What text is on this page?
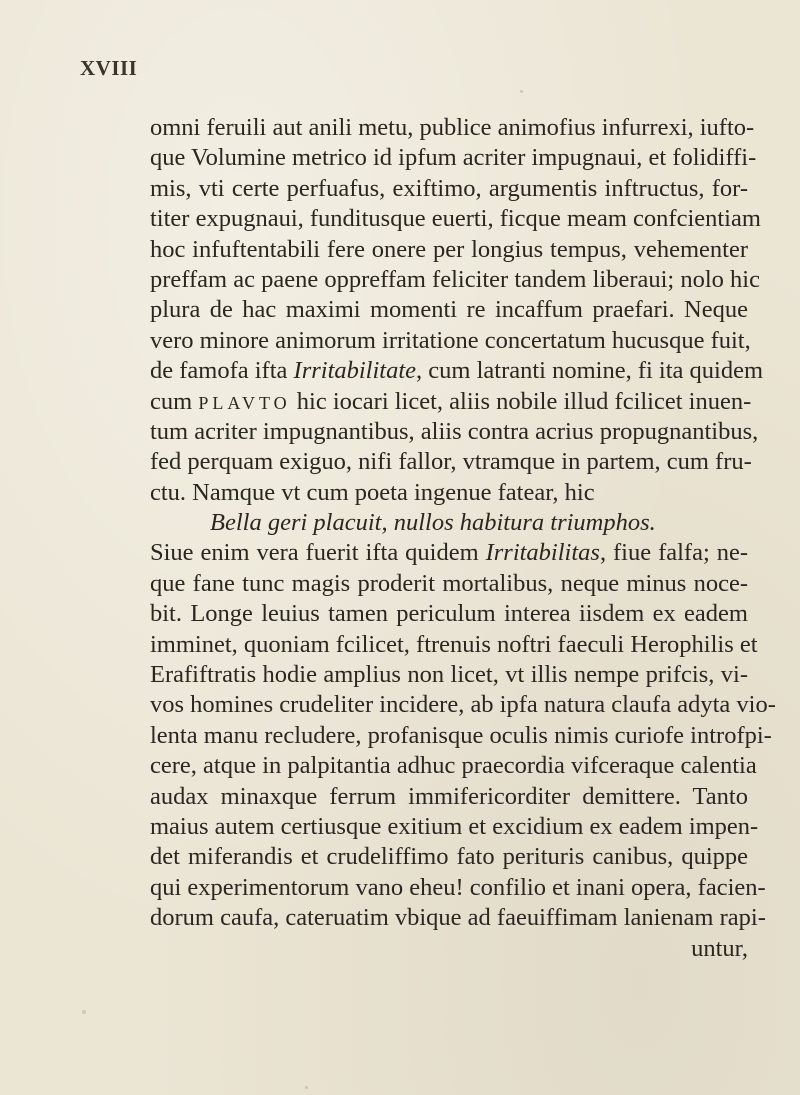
XVIII
omni feruili aut anili metu, publice animofius infurrexi, iufto-
que Volumine metrico id ipfum acriter impugnaui, et folidiffi-
mis, vti certe perfuafus, exiftimo, argumentis inftructus, for-
titer expugnaui, funditusque euerti, ficque meam confcientiam
hoc infuftentabili fere onere per longius tempus, vehementer
preffam ac paene oppreffam feliciter tandem liberaui; nolo hic
plura de hac maximi momenti re incaffum praefari. Neque
vero minore animorum irritatione concertatum hucusque fuit,
de famofa ifta Irritabilitate, cum latranti nomine, fi ita quidem
cum PLAVTO hic iocari licet, aliis nobile illud fcilicet inuen-
tum acriter impugnantibus, aliis contra acrius propugnantibus,
fed perquam exiguo, nifi fallor, vtramque in partem, cum fru-
ctu. Namque vt cum poeta ingenue fatear, hic
Bella geri placuit, nullos habitura triumphos.
Siue enim vera fuerit ifta quidem Irritabilitas, fiue falfa; ne-
que fane tunc magis proderit mortalibus, neque minus noce-
bit. Longe leuius tamen periculum interea iisdem ex eadem
imminet, quoniam fcilicet, ftrenuis noftri faeculi Herophilis et
Erafiftratis hodie amplius non licet, vt illis nempe prifcis, vi-
vos homines crudeliter incidere, ab ipfa natura claufa adyta vio-
lenta manu recludere, profanisque oculis nimis curiofe introfpi-
cere, atque in palpitantia adhuc praecordia vifceraque calentia
audax minaxque ferrum immifericorditer demittere. Tanto
maius autem certiusque exitium et excidium ex eadem impen-
det miferandis et crudeliffimo fato perituris canibus, quippe
qui experimentorum vano eheu! confilio et inani opera, facien-
dorum caufa, cateruatim vbique ad faeuiffimam lanienam rapi-
untur,
